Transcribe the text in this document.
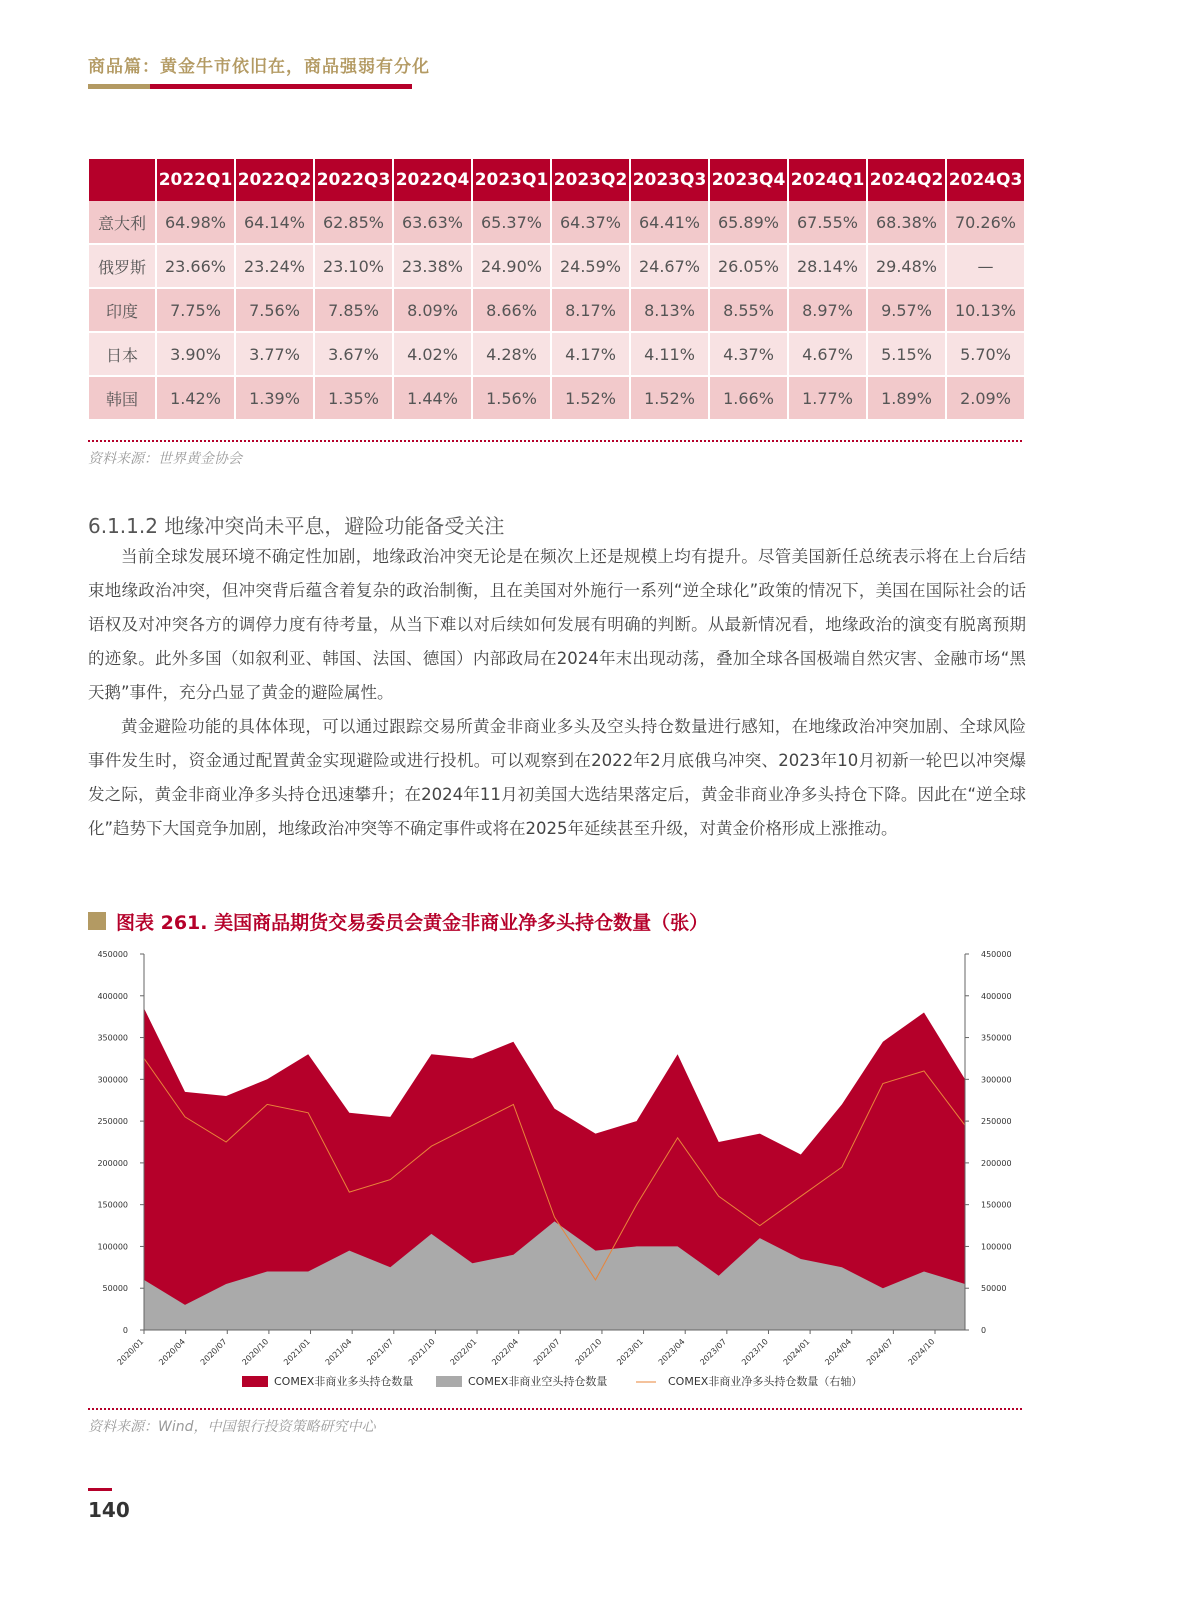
商品篇：黄金牛市依旧在，商品强弱有分化
	2022Q1	2022Q2	2022Q3	2022Q4	2023Q1	2023Q2	2023Q3	2023Q4	2024Q1	2024Q2	2024Q3
意大利	64.98%	64.14%	62.85%	63.63%	65.37%	64.37%	64.41%	65.89%	67.55%	68.38%	70.26%
俄罗斯	23.66%	23.24%	23.10%	23.38%	24.90%	24.59%	24.67%	26.05%	28.14%	29.48%	—
印度	7.75%	7.56%	7.85%	8.09%	8.66%	8.17%	8.13%	8.55%	8.97%	9.57%	10.13%
日本	3.90%	3.77%	3.67%	4.02%	4.28%	4.17%	4.11%	4.37%	4.67%	5.15%	5.70%
韩国	1.42%	1.39%	1.35%	1.44%	1.56%	1.52%	1.52%	1.66%	1.77%	1.89%	2.09%
资料来源：世界黄金协会
6.1.1.2 地缘冲突尚未平息，避险功能备受关注
当前全球发展环境不确定性加剧，地缘政治冲突无论是在频次上还是规模上均有提升。尽管美国新任总统表示将在上台后结束地缘政治冲突，但冲突背后蕴含着复杂的政治制衡，且在美国对外施行一系列“逆全球化”政策的情况下，美国在国际社会的话语权及对冲突各方的调停力度有待考量，从当下难以对后续如何发展有明确的判断。从最新情况看，地缘政治的演变有脱离预期的迹象。此外多国（如叙利亚、韩国、法国、德国）内部政局在2024年末出现动荡，叠加全球各国极端自然灾害、金融市场“黑天鹅”事件，充分凸显了黄金的避险属性。
黄金避险功能的具体体现，可以通过跟踪交易所黄金非商业多头及空头持仓数量进行感知，在地缘政治冲突加剧、全球风险事件发生时，资金通过配置黄金实现避险或进行投机。可以观察到在2022年2月底俄乌冲突、2023年10月初新一轮巴以冲突爆发之际，黄金非商业净多头持仓迅速攀升；在2024年11月初美国大选结果落定后，黄金非商业净多头持仓下降。因此在“逆全球化”趋势下大国竞争加剧，地缘政治冲突等不确定事件或将在2025年延续甚至升级，对黄金价格形成上涨推动。
图表 261. 美国商品期货交易委员会黄金非商业净多头持仓数量（张）
0	0
50000	50000
100000	100000
150000	150000
200000	200000
250000	250000
300000	300000
350000	350000
400000	400000
450000	450000
2020/01 2020/04 2020/07 2020/10 2021/01 2021/04 2021/07 2021/10 2022/01 2022/04 2022/07 2022/10 2023/01 2023/04 2023/07 2023/10 2024/01 2024/04 2024/07 2024/10
COMEX非商业多头持仓数量	COMEX非商业空头持仓数量	COMEX非商业净多头持仓数量（右轴）
资料来源：Wind，中国银行投资策略研究中心
140
